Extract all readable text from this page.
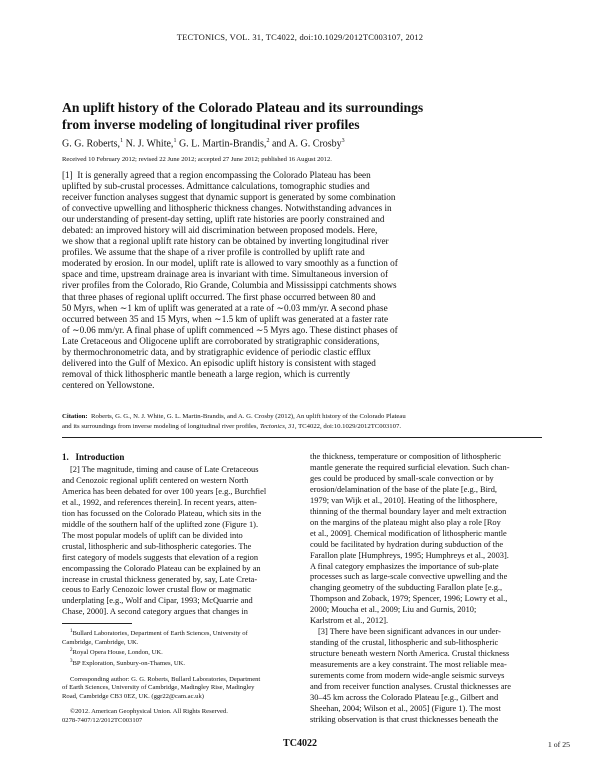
TECTONICS, VOL. 31, TC4022, doi:10.1029/2012TC003107, 2012
An uplift history of the Colorado Plateau and its surroundings
from inverse modeling of longitudinal river profiles
G. G. Roberts,$^1$ N. J. White,$^1$ G. L. Martin-Brandis,$^2$ and A. G. Crosby$^3$
Received 10 February 2012; revised 22 June 2012; accepted 27 June 2012; published 16 August 2012.
[1] It is generally agreed that a region encompassing the Colorado Plateau has been
uplifted by sub-crustal processes. Admittance calculations, tomographic studies and
receiver function analyses suggest that dynamic support is generated by some combination
of convective upwelling and lithospheric thickness changes. Notwithstanding advances in
our understanding of present-day setting, uplift rate histories are poorly constrained and
debated: an improved history will aid discrimination between proposed models. Here,
we show that a regional uplift rate history can be obtained by inverting longitudinal river
profiles. We assume that the shape of a river profile is controlled by uplift rate and
moderated by erosion. In our model, uplift rate is allowed to vary smoothly as a function of
space and time, upstream drainage area is invariant with time. Simultaneous inversion of
river profiles from the Colorado, Rio Grande, Columbia and Mississippi catchments shows
that three phases of regional uplift occurred. The first phase occurred between 80 and
50 Myrs, when ∼1 km of uplift was generated at a rate of ∼0.03 mm/yr. A second phase
occurred between 35 and 15 Myrs, when ∼1.5 km of uplift was generated at a faster rate
of ∼0.06 mm/yr. A final phase of uplift commenced ∼5 Myrs ago. These distinct phases of
Late Cretaceous and Oligocene uplift are corroborated by stratigraphic considerations,
by thermochronometric data, and by stratigraphic evidence of periodic clastic efflux
delivered into the Gulf of Mexico. An episodic uplift history is consistent with staged
removal of thick lithospheric mantle beneath a large region, which is currently
centered on Yellowstone.
Citation: Roberts, G. G., N. J. White, G. L. Martin-Brandis, and A. G. Crosby (2012), An uplift history of the Colorado Plateau
and its surroundings from inverse modeling of longitudinal river profiles, Tectonics, 31, TC4022, doi:10.1029/2012TC003107.
1. Introduction

[2] The magnitude, timing and cause of Late Cretaceous

and Cenozoic regional uplift centered on western North

America has been debated for over 100 years [e.g., Burchfiel

et al., 1992, and references therein]. In recent years, atten-

tion has focussed on the Colorado Plateau, which sits in the

middle of the southern half of the uplifted zone (Figure 1).

The most popular models of uplift can be divided into

crustal, lithospheric and sub-lithospheric categories. The

first category of models suggests that elevation of a region

encompassing the Colorado Plateau can be explained by an

increase in crustal thickness generated by, say, Late Creta-

ceous to Early Cenozoic lower crustal flow or magmatic

underplating [e.g., Wolf and Cipar, 1993; McQuarrie and

Chase, 2000]. A second category argues that changes in

$^1$Bullard Laboratories, Department of Earth Sciences, University of
Cambridge, Cambridge, UK.
$^2$Royal Opera House, London, UK.
$^3$BP Exploration, Sunbury-on-Thames, UK.
Corresponding author: G. G. Roberts, Bullard Laboratories, Department
of Earth Sciences, University of Cambridge, Madingley Rise, Madingley
Road, Cambridge CB3 0EZ, UK. (ggr22@cam.ac.uk)
©2012. American Geophysical Union. All Rights Reserved.
0278-7407/12/2012TC003107

the thickness, temperature or composition of lithospheric

mantle generate the required surficial elevation. Such chan-

ges could be produced by small-scale convection or by

erosion/delamination of the base of the plate [e.g., Bird,

1979; van Wijk et al., 2010]. Heating of the lithosphere,

thinning of the thermal boundary layer and melt extraction

on the margins of the plateau might also play a role [Roy

et al., 2009]. Chemical modification of lithospheric mantle

could be facilitated by hydration during subduction of the

Farallon plate [Humphreys, 1995; Humphreys et al., 2003].

A final category emphasizes the importance of sub-plate

processes such as large-scale convective upwelling and the

changing geometry of the subducting Farallon plate [e.g.,

Thompson and Zoback, 1979; Spencer, 1996; Lowry et al.,

2000; Moucha et al., 2009; Liu and Gurnis, 2010;

Karlstrom et al., 2012].

[3] There have been significant advances in our under-

standing of the crustal, lithospheric and sub-lithospheric

structure beneath western North America. Crustal thickness

measurements are a key constraint. The most reliable mea-

surements come from modern wide-angle seismic surveys

and from receiver function analyses. Crustal thicknesses are

30–45 km across the Colorado Plateau [e.g., Gilbert and

Sheehan, 2004; Wilson et al., 2005] (Figure 1). The most

striking observation is that crust thicknesses beneath the

TC4022	1 of 25
